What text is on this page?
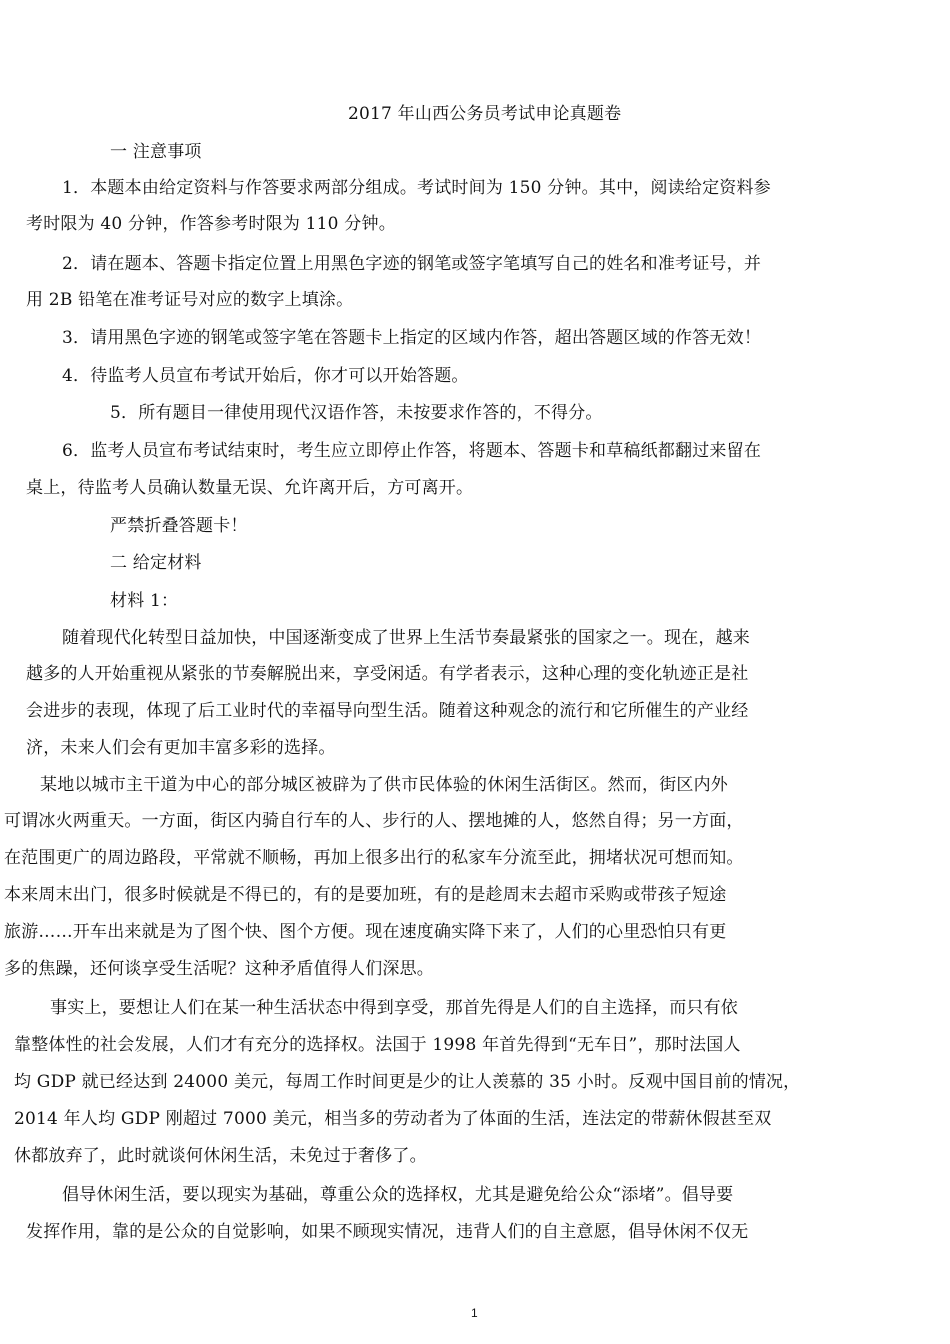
2017 年山西公务员考试申论真题卷
一 注意事项
1．本题本由给定资料与作答要求两部分组成。考试时间为 150 分钟。其中，阅读给定资料参
考时限为 40 分钟，作答参考时限为 110 分钟。
2．请在题本、答题卡指定位置上用黑色字迹的钢笔或签字笔填写自己的姓名和准考证号，并
用 2B 铅笔在准考证号对应的数字上填涂。
3．请用黑色字迹的钢笔或签字笔在答题卡上指定的区域内作答，超出答题区域的作答无效！
4．待监考人员宣布考试开始后，你才可以开始答题。
5．所有题目一律使用现代汉语作答，未按要求作答的，不得分。
6．监考人员宣布考试结束时，考生应立即停止作答，将题本、答题卡和草稿纸都翻过来留在
桌上，待监考人员确认数量无误、允许离开后，方可离开。
严禁折叠答题卡！
二 给定材料
材料 1：
随着现代化转型日益加快，中国逐渐变成了世界上生活节奏最紧张的国家之一。现在，越来
越多的人开始重视从紧张的节奏解脱出来，享受闲适。有学者表示，这种心理的变化轨迹正是社
会进步的表现，体现了后工业时代的幸福导向型生活。随着这种观念的流行和它所催生的产业经
济，未来人们会有更加丰富多彩的选择。
某地以城市主干道为中心的部分城区被辟为了供市民体验的休闲生活街区。然而，街区内外
可谓冰火两重天。一方面，街区内骑自行车的人、步行的人、摆地摊的人，悠然自得；另一方面，
在范围更广的周边路段，平常就不顺畅，再加上很多出行的私家车分流至此，拥堵状况可想而知。
本来周末出门，很多时候就是不得已的，有的是要加班，有的是趁周末去超市采购或带孩子短途
旅游……开车出来就是为了图个快、图个方便。现在速度确实降下来了，人们的心里恐怕只有更
多的焦躁，还何谈享受生活呢？这种矛盾值得人们深思。
事实上，要想让人们在某一种生活状态中得到享受，那首先得是人们的自主选择，而只有依
靠整体性的社会发展，人们才有充分的选择权。法国于 1998 年首先得到“无车日”，那时法国人
均 GDP 就已经达到 24000 美元，每周工作时间更是少的让人羡慕的 35 小时。反观中国目前的情况，
2014 年人均 GDP 刚超过 7000 美元，相当多的劳动者为了体面的生活，连法定的带薪休假甚至双
休都放弃了，此时就谈何休闲生活，未免过于奢侈了。
倡导休闲生活，要以现实为基础，尊重公众的选择权，尤其是避免给公众“添堵”。倡导要
发挥作用，靠的是公众的自觉影响，如果不顾现实情况，违背人们的自主意愿，倡导休闲不仅无
1
